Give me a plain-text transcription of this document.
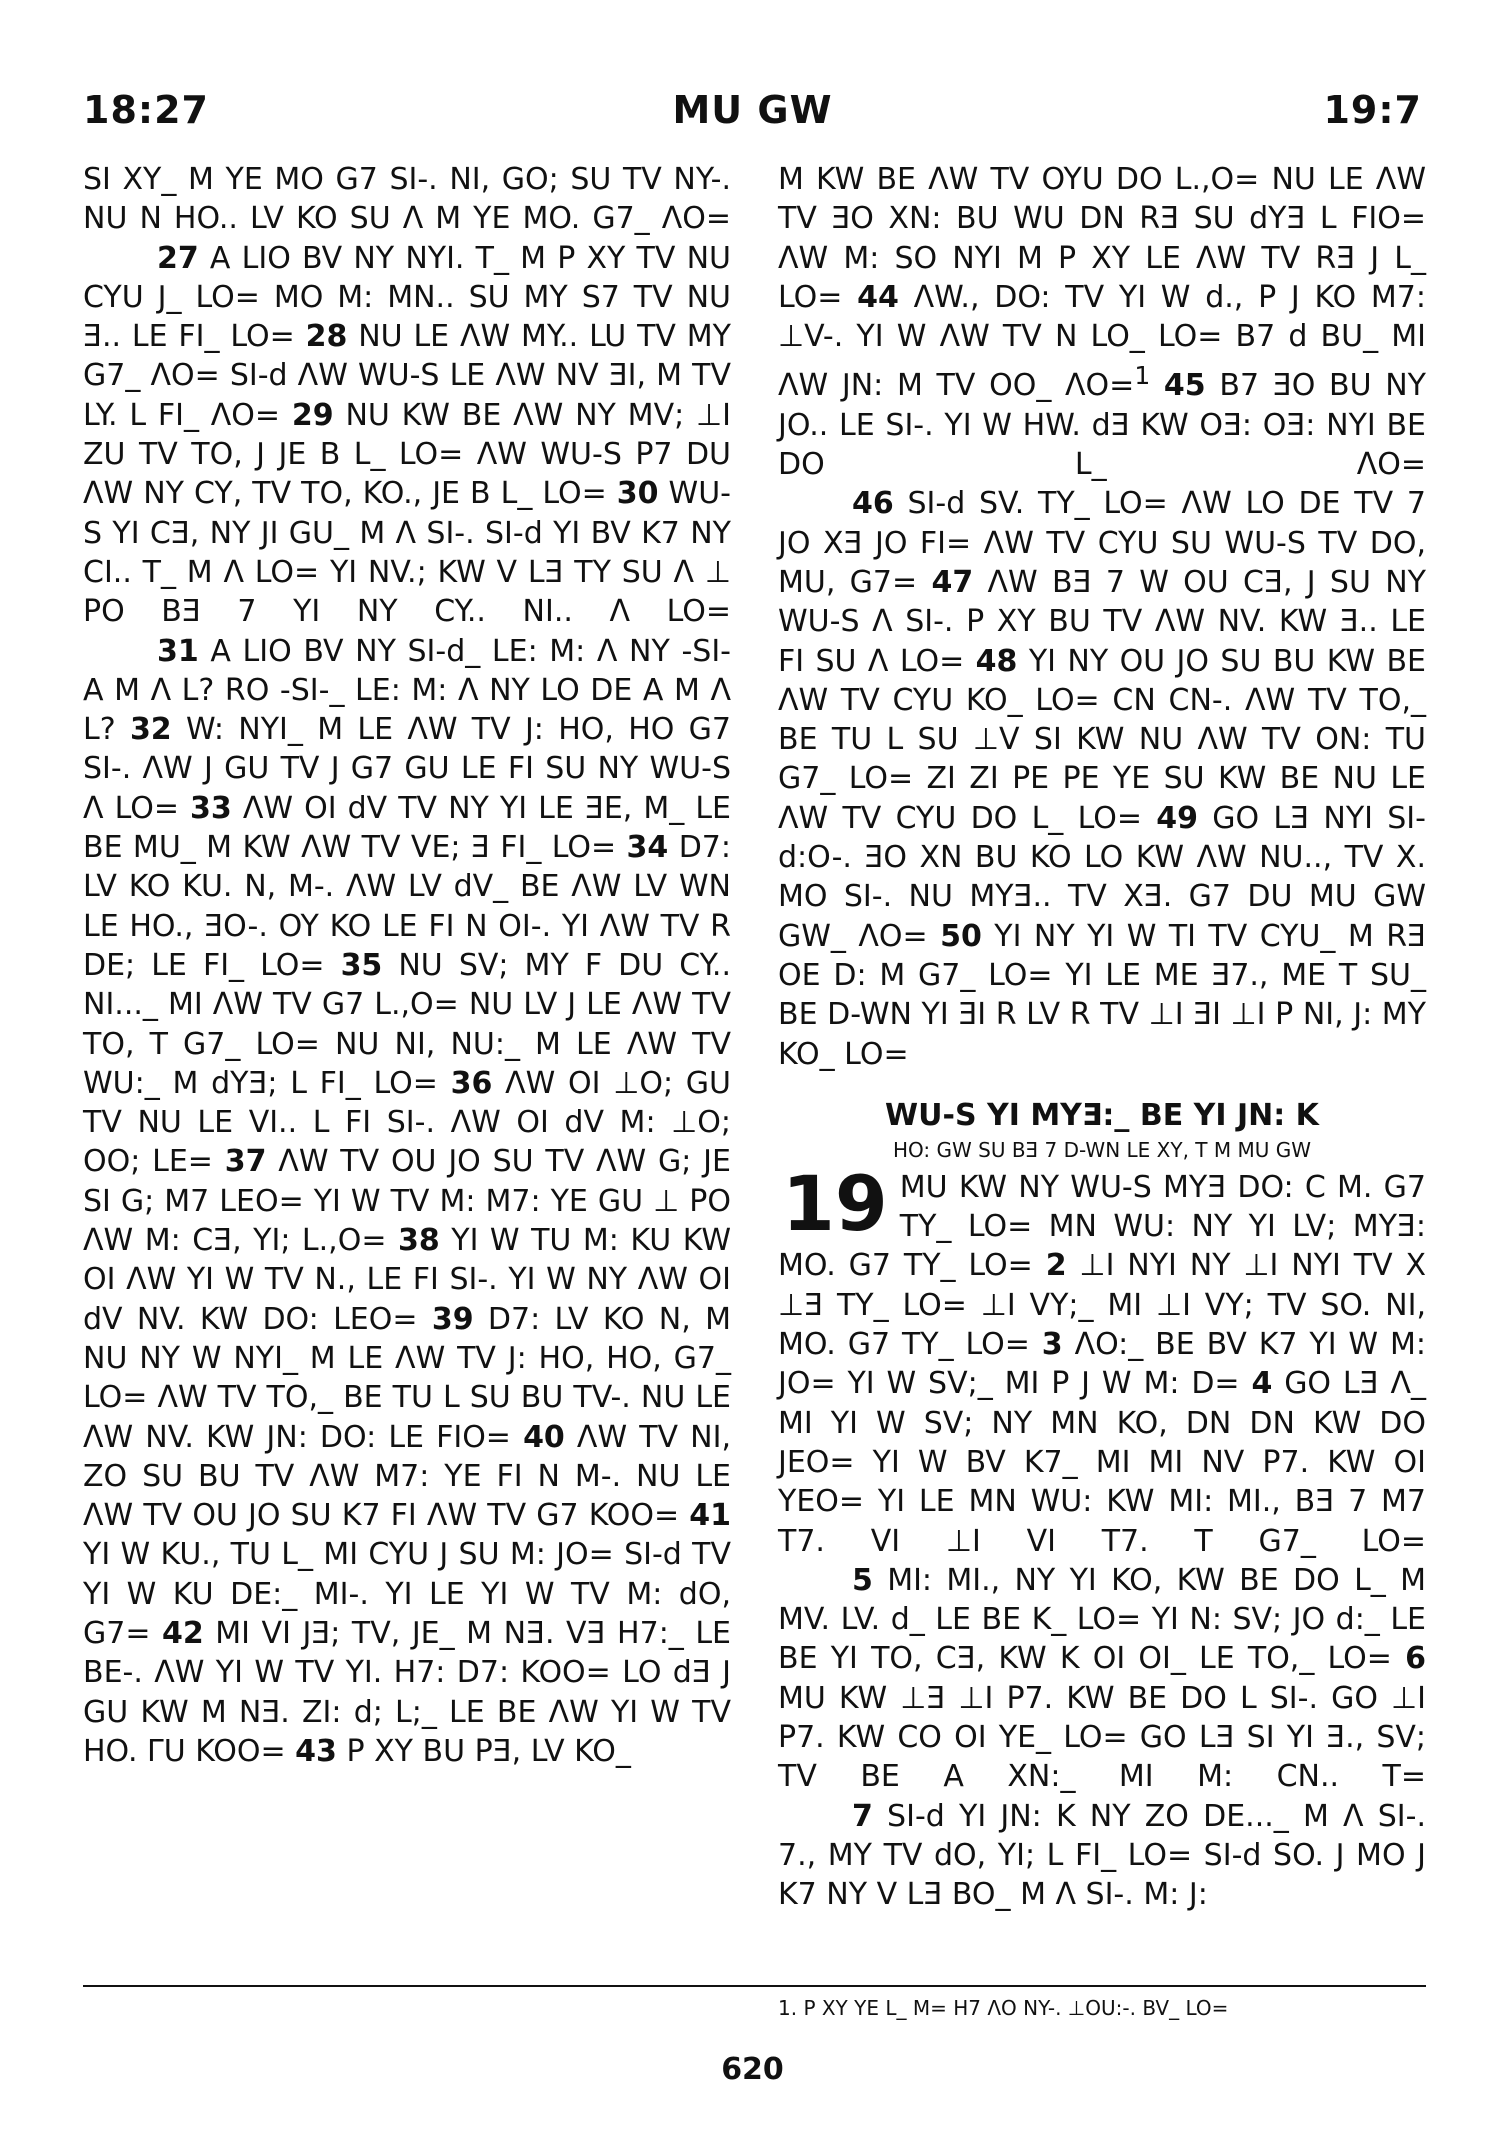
18:27	MU GW	19:7

SI XY_ M YE MO G7 SI-. NI, GO; SU TV NY-. NU N HO.. LV KO SU Λ M YE MO. G7_ ΛO=

27 A LIO BV NY NYI. T_ M P XY TV NU CYU J_ LO= MO M: MN.. SU MY S7 TV NU Ǝ.. LE FI_ LO= 28 NU LE ΛW MY.. LU TV MY G7_ ΛO= SI-d ΛW WU-S LE ΛW NV ƎI, M TV LY. L FI_ ΛO= 29 NU KW BE ΛW NY MV; ⊥I ZU TV TO, J JE B L_ LO= ΛW WU-S P7 DU ΛW NY CY, TV TO, KO., JE B L_ LO= 30 WU-S YI CƎ, NY JI GU_ M Λ SI-. SI-d YI BV K7 NY CI.. T_ M Λ LO= YI NV.; KW V LƎ TY SU Λ ⊥ PO BƎ 7 YI NY CY.. NI.. Λ LO=

31 A LIO BV NY SI-d_ LE: M: Λ NY -SI- A M Λ L? RO -SI-_ LE: M: Λ NY LO DE A M Λ L? 32 W: NYI_ M LE ΛW TV J: HO, HO G7 SI-. ΛW J GU TV J G7 GU LE FI SU NY WU-S Λ LO= 33 ΛW OI dV TV NY YI LE ƎE, M_ LE BE MU_ M KW ΛW TV VE; Ǝ FI_ LO= 34 D7: LV KO KU. N, M-. ΛW LV dV_ BE ΛW LV WN LE HO., ƎO-. OY KO LE FI N OI-. YI ΛW TV R DE; LE FI_ LO= 35 NU SV; MY F DU CY.. NI..._ MI ΛW TV G7 L.,O= NU LV J LE ΛW TV TO, T G7_ LO= NU NI, NU:_ M LE ΛW TV WU:_ M dYƎ; L FI_ LO= 36 ΛW OI ⊥O; GU TV NU LE VI.. L FI SI-. ΛW OI dV M: ⊥O; OO; LE= 37 ΛW TV OU JO SU TV ΛW G; JE SI G; M7 LEO= YI W TV M: M7: YE GU ⊥ PO ΛW M: CƎ, YI; L.,O= 38 YI W TU M: KU KW OI ΛW YI W TV N., LE FI SI-. YI W NY ΛW OI dV NV. KW DO: LEO= 39 D7: LV KO N, M NU NY W NYI_ M LE ΛW TV J: HO, HO, G7_ LO= ΛW TV TO,_ BE TU L SU BU TV-. NU LE ΛW NV. KW JN: DO: LE FIO= 40 ΛW TV NI, ZO SU BU TV ΛW M7: YE FI N M-. NU LE ΛW TV OU JO SU K7 FI ΛW TV G7 KOO= 41 YI W KU., TU L_ MI CYU J SU M: JO= SI-d TV YI W KU DE:_ MI-. YI LE YI W TV M: dO, G7= 42 MI VI JƎ; TV, JE_ M NƎ. VƎ H7:_ LE BE-. ΛW YI W TV YI. H7: D7: KOO= LO dƎ J GU KW M NƎ. ZI: d; L;_ LE BE ΛW YI W TV HO. ΓU KOO= 43 P XY BU PƎ, LV KO_

M KW BE ΛW TV OYU DO L.,O= NU LE ΛW TV ƎO XN: BU WU DN RƎ SU dYƎ L FIO= ΛW M: SO NYI M P XY LE ΛW TV RƎ J L_ LO= 44 ΛW., DO: TV YI W d., P J KO M7: ⊥V-. YI W ΛW TV N LO_ LO= B7 d BU_ MI ΛW JN: M TV OO_ ΛO=$^1$ 45 B7 ƎO BU NY JO.. LE SI-. YI W HW. dƎ KW OƎ: OƎ: NYI BE DO L_ ΛO=

46 SI-d SV. TY_ LO= ΛW LO DE TV 7 JO XƎ JO FI= ΛW TV CYU SU WU-S TV DO, MU, G7= 47 ΛW BƎ 7 W OU CƎ, J SU NY WU-S Λ SI-. P XY BU TV ΛW NV. KW Ǝ.. LE FI SU Λ LO= 48 YI NY OU JO SU BU KW BE ΛW TV CYU KO_ LO= CN CN-. ΛW TV TO,_ BE TU L SU ⊥V SI KW NU ΛW TV ON: TU G7_ LO= ZI ZI PE PE YE SU KW BE NU LE ΛW TV CYU DO L_ LO= 49 GO LƎ NYI SI-d:O-. ƎO XN BU KO LO KW ΛW NU.., TV X. MO SI-. NU MYƎ.. TV XƎ. G7 DU MU GW GW_ ΛO= 50 YI NY YI W TI TV CYU_ M RƎ OE D: M G7_ LO= YI LE ME Ǝ7., ME T SU_ BE D-WN YI ƎI R LV R TV ⊥I ƎI ⊥I P NI, J: MY KO_ LO=

WU-S YI MYƎ:_ BE YI JN: K
HO: GW SU BƎ 7 D-WN LE XY, T M MU GW
19 MU KW NY WU-S MYƎ DO: C M. G7 TY_ LO= MN WU: NY YI LV; MYƎ: MO. G7 TY_ LO= 2 ⊥I NYI NY ⊥I NYI TV X ⊥Ǝ TY_ LO= ⊥I VY;_ MI ⊥I VY; TV SO. NI, MO. G7 TY_ LO= 3 ΛO:_ BE BV K7 YI W M: JO= YI W SV;_ MI P J W M: D= 4 GO LƎ Λ_ MI YI W SV; NY MN KO, DN DN KW DO JEO= YI W BV K7_ MI MI NV P7. KW OI YEO= YI LE MN WU: KW MI: MI., BƎ 7 M7 T7. VI ⊥I VI T7. T G7_ LO=

5 MI: MI., NY YI KO, KW BE DO L_ M MV. LV. d_ LE BE K_ LO= YI N: SV; JO d:_ LE BE YI TO, CƎ, KW K OI OI_ LE TO,_ LO= 6 MU KW ⊥Ǝ ⊥I P7. KW BE DO L SI-. GO ⊥I P7. KW CO OI YE_ LO= GO LƎ SI YI Ǝ., SV; TV BE A XN:_ MI M: CN.. T=

7 SI-d YI JN: K NY ZO DE..._ M Λ SI-. 7., MY TV dO, YI; L FI_ LO= SI-d SO. J MO J K7 NY V LƎ BO_ M Λ SI-. M: J:

1. P XY YE L_ M= H7 ΛO NY-. ⊥OU:-. BV_ LO=
620
